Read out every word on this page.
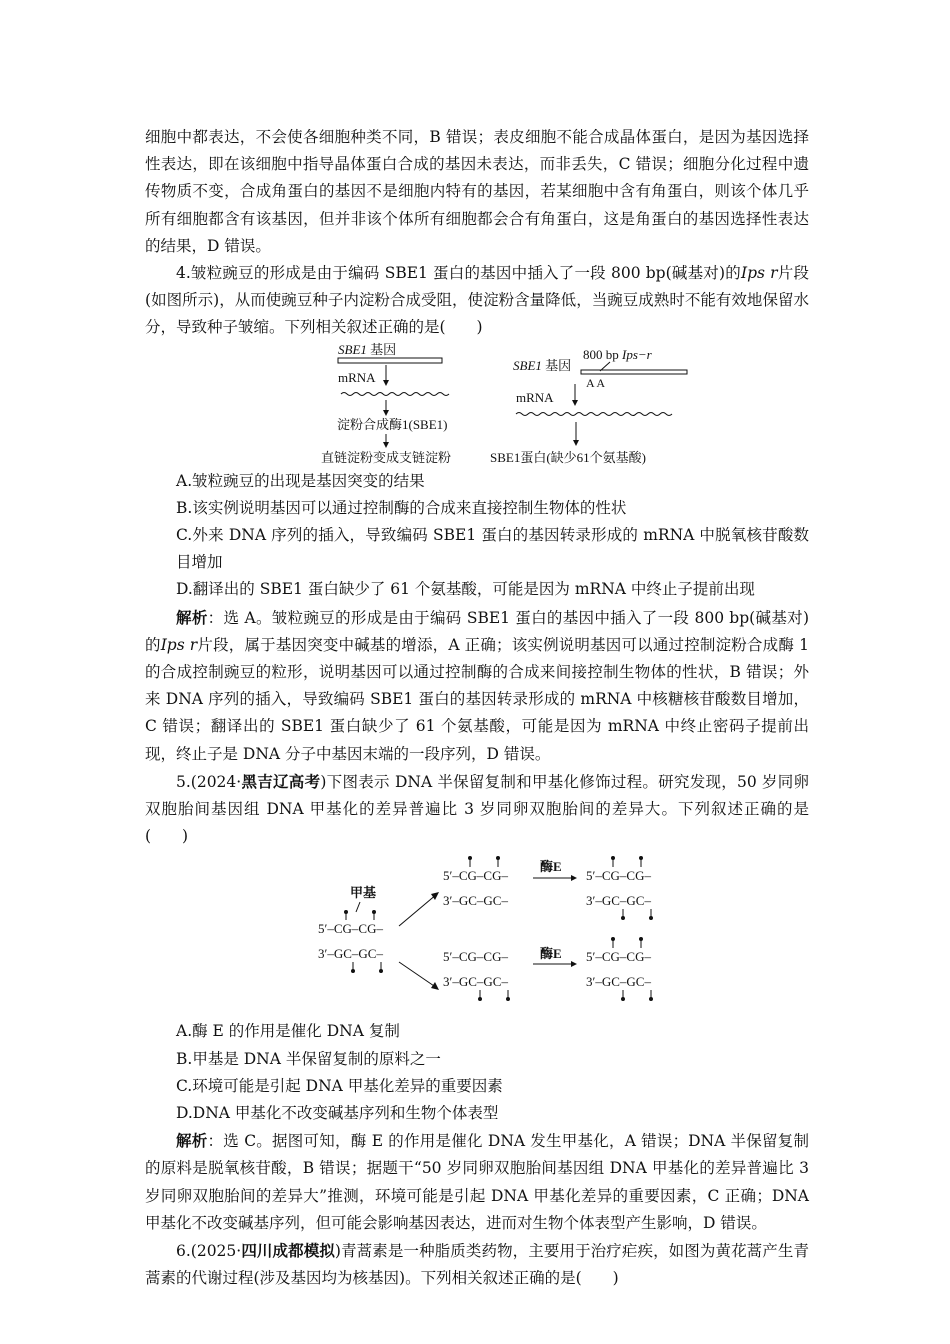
细胞中都表达，不会使各细胞种类不同，B 错误；表皮细胞不能合成晶体蛋白，是因为基因选择性表达，即在该细胞中指导晶体蛋白合成的基因未表达，而非丢失，C 错误；细胞分化过程中遗传物质不变，合成角蛋白的基因不是细胞内特有的基因，若某细胞中含有角蛋白，则该个体几乎所有细胞都含有该基因，但并非该个体所有细胞都会合有角蛋白，这是角蛋白的基因选择性表达的结果，D 错误。

4.皱粒豌豆的形成是由于编码 SBE1 蛋白的基因中插入了一段 800 bp(碱基对)的Ips r片段(如图所示)，从而使豌豆种子内淀粉合成受阻，使淀粉含量降低，当豌豆成熟时不能有效地保留水分，导致种子皱缩。下列相关叙述正确的是(　　)

SBE1 基因
mRNA
淀粉合成酶1(SBE1)
直链淀粉变成支链淀粉
800 bp Ips−r
SBE1 基因
A A
mRNA
SBE1蛋白(缺少61个氨基酸)

A.皱粒豌豆的出现是基因突变的结果

B.该实例说明基因可以通过控制酶的合成来直接控制生物体的性状

C.外来 DNA 序列的插入，导致编码 SBE1 蛋白的基因转录形成的 mRNA 中脱氧核苷酸数目增加

D.翻译出的 SBE1 蛋白缺少了 61 个氨基酸，可能是因为 mRNA 中终止子提前出现

解析：选 A。皱粒豌豆的形成是由于编码 SBE1 蛋白的基因中插入了一段 800 bp(碱基对)的Ips r片段，属于基因突变中碱基的增添，A 正确；该实例说明基因可以通过控制淀粉合成酶 1 的合成控制豌豆的粒形，说明基因可以通过控制酶的合成来间接控制生物体的性状，B 错误；外来 DNA 序列的插入，导致编码 SBE1 蛋白的基因转录形成的 mRNA 中核糖核苷酸数目增加，C 错误；翻译出的 SBE1 蛋白缺少了 61 个氨基酸，可能是因为 mRNA 中终止密码子提前出现，终止子是 DNA 分子中基因末端的一段序列，D 错误。

5.(2024·黑吉辽高考)下图表示 DNA 半保留复制和甲基化修饰过程。研究发现，50 岁同卵双胞胎间基因组 DNA 甲基化的差异普遍比 3 岁同卵双胞胎间的差异大。下列叙述正确的是(　　)

甲基
5′–CG–CG–
3′–GC–GC–
5′–CG–CG–
3′–GC–GC–
酶E
5′–CG–CG–
3′–GC–GC–
5′–CG–CG–
3′–GC–GC–
酶E 5′–CG–CG–
3′–GC–GC–

A.酶 E 的作用是催化 DNA 复制

B.甲基是 DNA 半保留复制的原料之一

C.环境可能是引起 DNA 甲基化差异的重要因素

D.DNA 甲基化不改变碱基序列和生物个体表型

解析：选 C。据图可知，酶 E 的作用是催化 DNA 发生甲基化，A 错误；DNA 半保留复制的原料是脱氧核苷酸，B 错误；据题干“50 岁同卵双胞胎间基因组 DNA 甲基化的差异普遍比 3 岁同卵双胞胎间的差异大”推测，环境可能是引起 DNA 甲基化差异的重要因素，C 正确；DNA 甲基化不改变碱基序列，但可能会影响基因表达，进而对生物个体表型产生影响，D 错误。

6.(2025·四川成都模拟)青蒿素是一种脂质类药物，主要用于治疗疟疾，如图为黄花蒿产生青蒿素的代谢过程(涉及基因均为核基因)。下列相关叙述正确的是(　　)
